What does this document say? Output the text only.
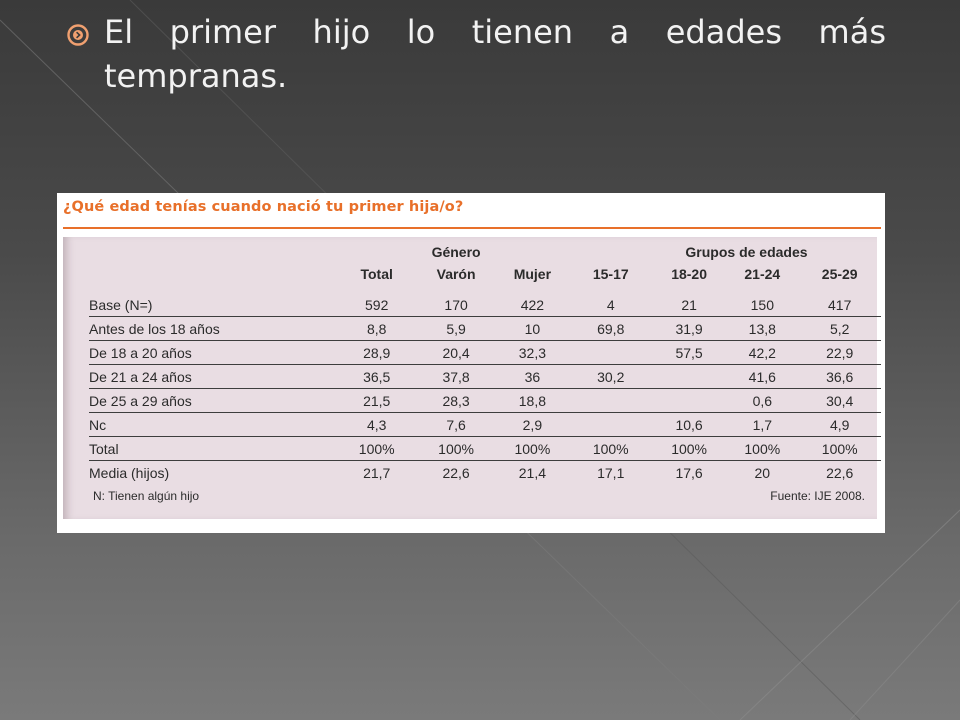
El primer hijo lo tienen a edades más tempranas.
¿Qué edad tenías cuando nació tu primer hija/o?
		Género			Grupos de edades		
	Total	Varón	Mujer	15-17	18-20	21-24	25-29

Base (N=)	592	170	422	4	21	150	417
Antes de los 18 años	8,8	5,9	10	69,8	31,9	13,8	5,2
De 18 a 20 años	28,9	20,4	32,3		57,5	42,2	22,9
De 21 a 24 años	36,5	37,8	36	30,2		41,6	36,6
De 25 a 29 años	21,5	28,3	18,8			0,6	30,4
Nc	4,3	7,6	2,9		10,6	1,7	4,9
Total	100%	100%	100%	100%	100%	100%	100%
Media (hijos)	21,7	22,6	21,4	17,1	17,6	20	22,6
N: Tienen algún hijo	Fuente: IJE 2008.
